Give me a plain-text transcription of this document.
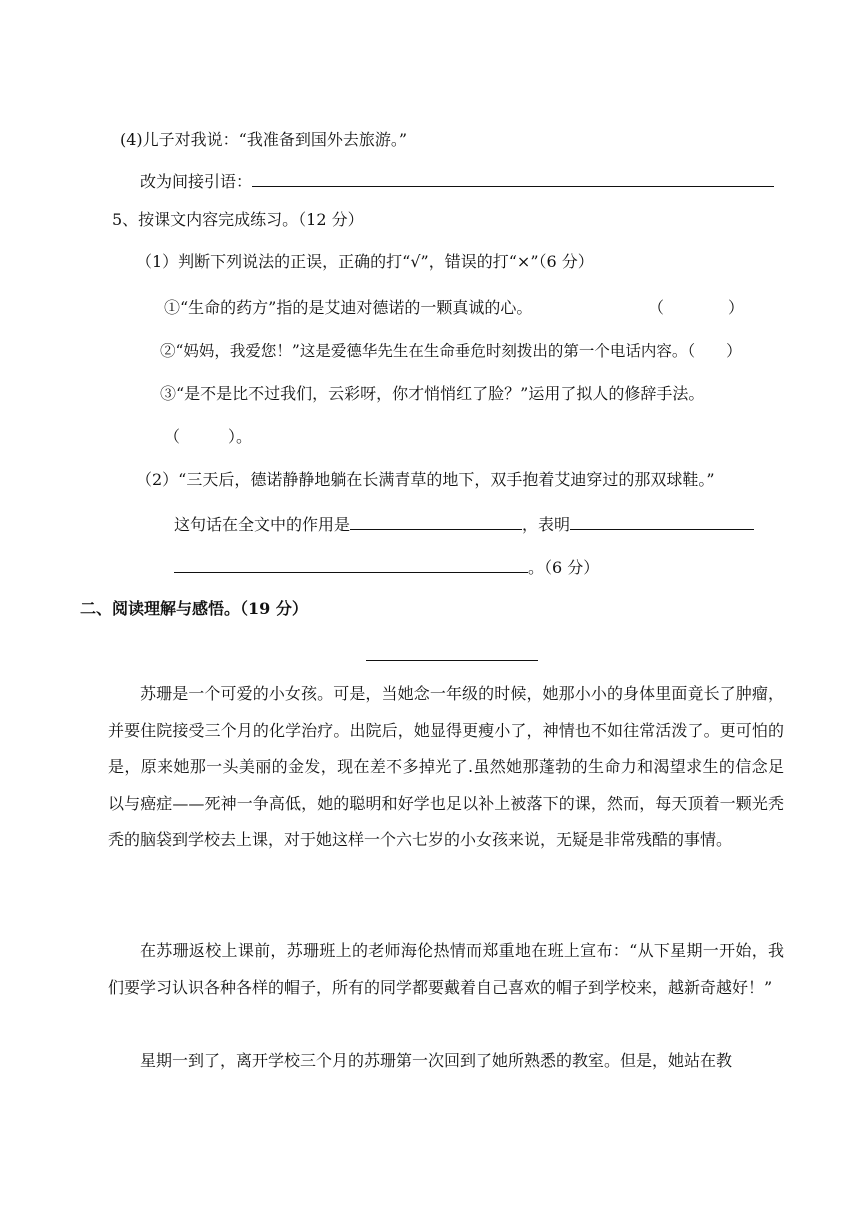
(4)儿子对我说：“我准备到国外去旅游。”
改为间接引语：
5、按课文内容完成练习。（12 分）
（1）判断下列说法的正误，正确的打“√”，错误的打“×”（6 分）
①“生命的药方”指的是艾迪对德诺的一颗真诚的心。	（　　　　）
②“妈妈，我爱您！”这是爱德华先生在生命垂危时刻拨出的第一个电话内容。（　　）
③“是不是比不过我们，云彩呀，你才悄悄红了脸？”运用了拟人的修辞手法。
（　　　）。
（2）“三天后，德诺静静地躺在长满青草的地下，双手抱着艾迪穿过的那双球鞋。”
这句话在全文中的作用是	，表明
。（6 分）
二、阅读理解与感悟。（19 分）

苏珊是一个可爱的小女孩。可是，当她念一年级的时候，她那小小的身体里面竟长了肿瘤，并要住院接受三个月的化学治疗。出院后，她显得更瘦小了，神情也不如往常活泼了。更可怕的是，原来她那一头美丽的金发，现在差不多掉光了.虽然她那蓬勃的生命力和渴望求生的信念足以与癌症——死神一争高低，她的聪明和好学也足以补上被落下的课，然而，每天顶着一颗光秃秃的脑袋到学校去上课，对于她这样一个六七岁的小女孩来说，无疑是非常残酷的事情。

在苏珊返校上课前，苏珊班上的老师海伦热情而郑重地在班上宣布：“从下星期一开始，我们要学习认识各种各样的帽子，所有的同学都要戴着自己喜欢的帽子到学校来，越新奇越好！”

星期一到了，离开学校三个月的苏珊第一次回到了她所熟悉的教室。但是，她站在教
